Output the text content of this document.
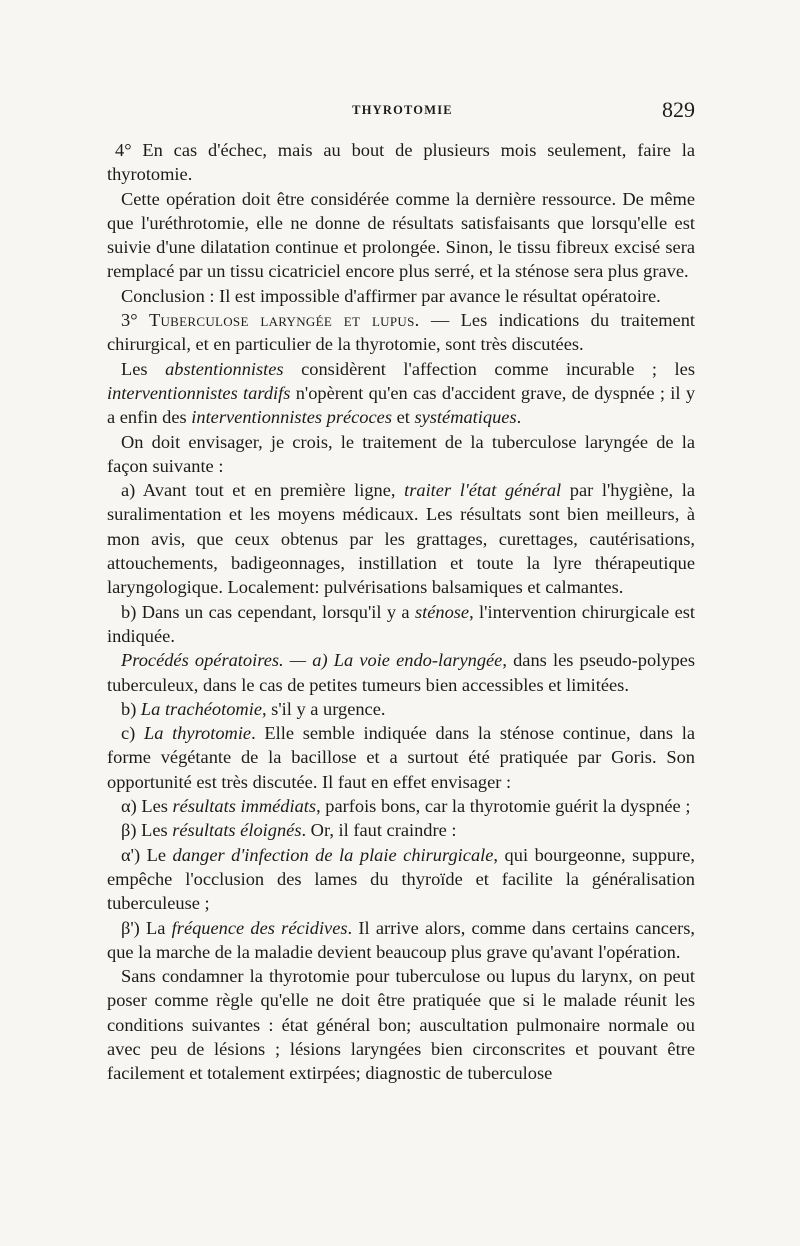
THYROTOMIE	829

4° En cas d'échec, mais au bout de plusieurs mois seulement, faire la thyrotomie.

Cette opération doit être considérée comme la dernière ressource. De même que l'uréthrotomie, elle ne donne de résultats satisfaisants que lorsqu'elle est suivie d'une dilatation continue et prolongée. Sinon, le tissu fibreux excisé sera remplacé par un tissu cicatriciel encore plus serré, et la sténose sera plus grave.

Conclusion : Il est impossible d'affirmer par avance le résultat opératoire.

3° Tuberculose laryngée et lupus. — Les indications du traitement chirurgical, et en particulier de la thyrotomie, sont très discutées.

Les abstentionnistes considèrent l'affection comme incurable ; les interventionnistes tardifs n'opèrent qu'en cas d'accident grave, de dyspnée ; il y a enfin des interventionnistes précoces et systématiques.

On doit envisager, je crois, le traitement de la tuberculose laryngée de la façon suivante :

a) Avant tout et en première ligne, traiter l'état général par l'hygiène, la suralimentation et les moyens médicaux. Les résultats sont bien meilleurs, à mon avis, que ceux obtenus par les grattages, curettages, cautérisations, attouchements, badigeonnages, instillation et toute la lyre thérapeutique laryngologique. Localement: pulvérisations balsamiques et calmantes.

b) Dans un cas cependant, lorsqu'il y a sténose, l'intervention chirurgicale est indiquée.

Procédés opératoires. — a) La voie endo-laryngée, dans les pseudo-polypes tuberculeux, dans le cas de petites tumeurs bien accessibles et limitées.

b) La trachéotomie, s'il y a urgence.

c) La thyrotomie. Elle semble indiquée dans la sténose continue, dans la forme végétante de la bacillose et a surtout été pratiquée par Goris. Son opportunité est très discutée. Il faut en effet envisager :

α) Les résultats immédiats, parfois bons, car la thyrotomie guérit la dyspnée ;

β) Les résultats éloignés. Or, il faut craindre :

α') Le danger d'infection de la plaie chirurgicale, qui bourgeonne, suppure, empêche l'occlusion des lames du thyroïde et facilite la généralisation tuberculeuse ;

β') La fréquence des récidives. Il arrive alors, comme dans certains cancers, que la marche de la maladie devient beaucoup plus grave qu'avant l'opération.

Sans condamner la thyrotomie pour tuberculose ou lupus du larynx, on peut poser comme règle qu'elle ne doit être pratiquée que si le malade réunit les conditions suivantes : état général bon; auscultation pulmonaire normale ou avec peu de lésions ; lésions laryngées bien circonscrites et pouvant être facilement et totalement extirpées; diagnostic de tuberculose
